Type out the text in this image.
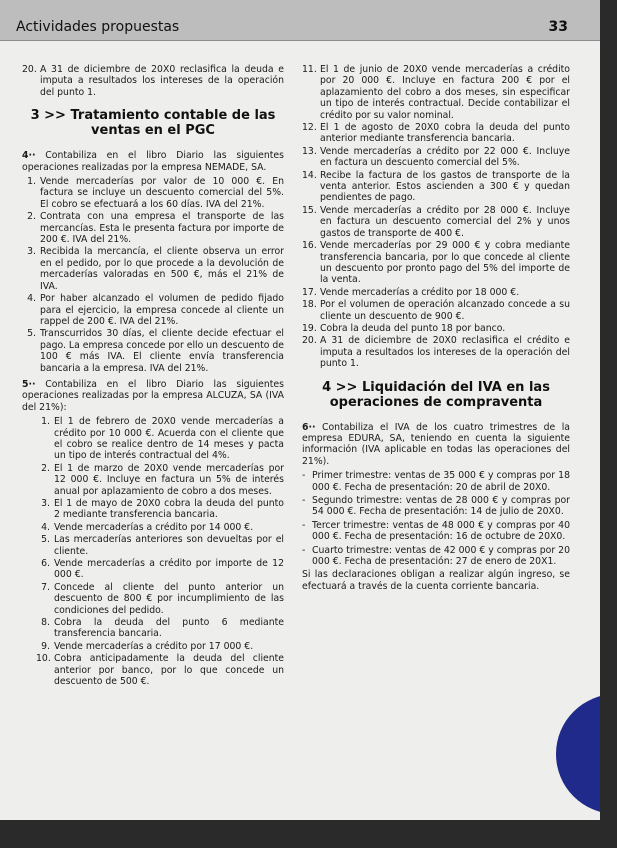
Actividades propuestas	33
20. A 31 de diciembre de 20X0 reclasifica la deuda e imputa a resultados los intereses de la operación del punto 1.
3 >> Tratamiento contable de las ventas en el PGC
4·· Contabiliza en el libro Diario las siguientes operaciones realizadas por la empresa NEMADE, SA.
1. Vende mercaderías por valor de 10 000 €. En factura se incluye un descuento comercial del 5%. El cobro se efectuará a los 60 días. IVA del 21%.
2. Contrata con una empresa el transporte de las mercancías. Esta le presenta factura por importe de 200 €. IVA del 21%.
3. Recibida la mercancía, el cliente observa un error en el pedido, por lo que procede a la devolución de mercaderías valoradas en 500 €, más el 21% de IVA.
4. Por haber alcanzado el volumen de pedido fijado para el ejercicio, la empresa concede al cliente un rappel de 200 €. IVA del 21%.
5. Transcurridos 30 días, el cliente decide efectuar el pago. La empresa concede por ello un descuento de 100 € más IVA. El cliente envía transferencia bancaria a la empresa. IVA del 21%.
5·· Contabiliza en el libro Diario las siguientes operaciones realizadas por la empresa ALCUZA, SA (IVA del 21%):
1. El 1 de febrero de 20X0 vende mercaderías a crédito por 10 000 €. Acuerda con el cliente que el cobro se realice dentro de 14 meses y pacta un tipo de interés contractual del 4%.
2. El 1 de marzo de 20X0 vende mercaderías por 12 000 €. Incluye en factura un 5% de interés anual por aplazamiento de cobro a dos meses.
3. El 1 de mayo de 20X0 cobra la deuda del punto 2 mediante transferencia bancaria.
4. Vende mercaderías a crédito por 14 000 €.
5. Las mercaderías anteriores son devueltas por el cliente.
6. Vende mercaderías a crédito por importe de 12 000 €.
7. Concede al cliente del punto anterior un descuento de 800 € por incumplimiento de las condiciones del pedido.
8. Cobra la deuda del punto 6 mediante transferencia bancaria.
9. Vende mercaderías a crédito por 17 000 €.
10. Cobra anticipadamente la deuda del cliente anterior por banco, por lo que concede un descuento de 500 €.
11. El 1 de junio de 20X0 vende mercaderías a crédito por 20 000 €. Incluye en factura 200 € por el aplazamiento del cobro a dos meses, sin especificar un tipo de interés contractual. Decide contabilizar el crédito por su valor nominal.
12. El 1 de agosto de 20X0 cobra la deuda del punto anterior mediante transferencia bancaria.
13. Vende mercaderías a crédito por 22 000 €. Incluye en factura un descuento comercial del 5%.
14. Recibe la factura de los gastos de transporte de la venta anterior. Estos ascienden a 300 € y quedan pendientes de pago.
15. Vende mercaderías a crédito por 28 000 €. Incluye en factura un descuento comercial del 2% y unos gastos de transporte de 400 €.
16. Vende mercaderías por 29 000 € y cobra mediante transferencia bancaria, por lo que concede al cliente un descuento por pronto pago del 5% del importe de la venta.
17. Vende mercaderías a crédito por 18 000 €.
18. Por el volumen de operación alcanzado concede a su cliente un descuento de 900 €.
19. Cobra la deuda del punto 18 por banco.
20. A 31 de diciembre de 20X0 reclasifica el crédito e imputa a resultados los intereses de la operación del punto 1.
4 >> Liquidación del IVA en las operaciones de compraventa
6·· Contabiliza el IVA de los cuatro trimestres de la empresa EDURA, SA, teniendo en cuenta la siguiente información (IVA aplicable en todas las operaciones del 21%).
- Primer trimestre: ventas de 35 000 € y compras por 18 000 €. Fecha de presentación: 20 de abril de 20X0.
- Segundo trimestre: ventas de 28 000 € y compras por 54 000 €. Fecha de presentación: 14 de julio de 20X0.
- Tercer trimestre: ventas de 48 000 € y compras por 40 000 €. Fecha de presentación: 16 de octubre de 20X0.
- Cuarto trimestre: ventas de 42 000 € y compras por 20 000 €. Fecha de presentación: 27 de enero de 20X1.
Si las declaraciones obligan a realizar algún ingreso, se efectuará a través de la cuenta corriente bancaria.
